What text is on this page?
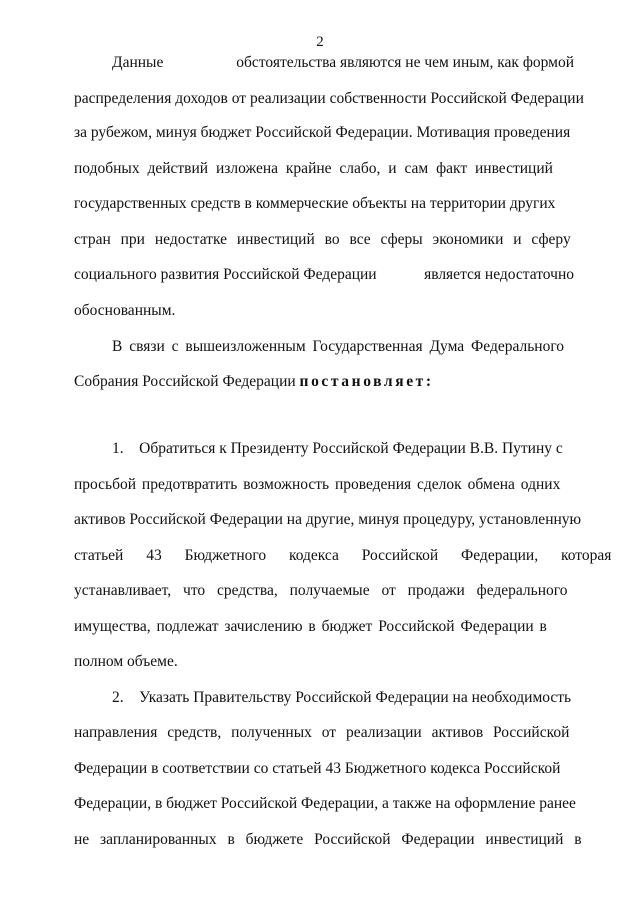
2
Данные	обстоятельства являются не чем иным, как формой
распределения доходов от реализации собственности Российской Федерации
за рубежом, минуя бюджет Российской Федерации. Мотивация проведения
подобных действий изложена крайне слабо, и сам факт инвестиций
государственных средств в коммерческие объекты на территории других
стран при недостатке инвестиций во все сферы экономики и сферу
социального развития Российской Федерации	является недостаточно
обоснованным.
В связи с вышеизложенным Государственная Дума Федерального
Собрания Российской Федерации постановляет:
1.    Обратиться к Президенту Российской Федерации В.В. Путину с
просьбой предотвратить возможность проведения сделок обмена одних
активов Российской Федерации на другие, минуя процедуру, установленную
статьей 43 Бюджетного кодекса Российской Федерации, которая
устанавливает, что средства, получаемые от продажи федерального
имущества, подлежат зачислению в бюджет Российской Федерации в
полном объеме.
2.    Указать Правительству Российской Федерации на необходимость
направления средств, полученных от реализации активов Российской
Федерации в соответствии со статьей 43 Бюджетного кодекса Российской
Федерации, в бюджет Российской Федерации, а также на оформление ранее
не запланированных в бюджете Российской Федерации инвестиций в
